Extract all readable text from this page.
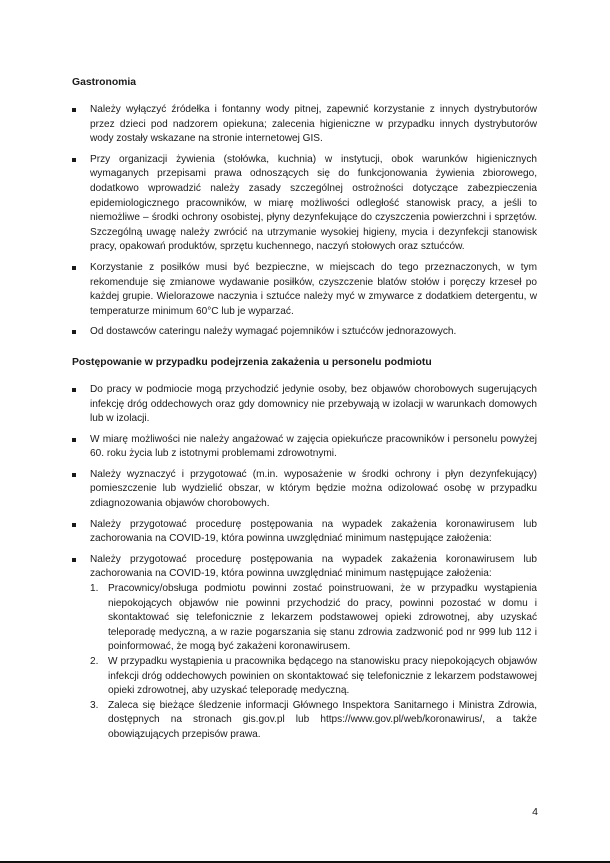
Gastronomia
Należy wyłączyć źródełka i fontanny wody pitnej, zapewnić korzystanie z innych dystrybutorów przez dzieci pod nadzorem opiekuna; zalecenia higieniczne w przypadku innych dystrybutorów wody zostały wskazane na stronie internetowej GIS.
Przy organizacji żywienia (stołówka, kuchnia) w instytucji, obok warunków higienicznych wymaganych przepisami prawa odnoszących się do funkcjonowania żywienia zbiorowego, dodatkowo wprowadzić należy zasady szczególnej ostrożności dotyczące zabezpieczenia epidemiologicznego pracowników, w miarę możliwości odległość stanowisk pracy, a jeśli to niemożliwe – środki ochrony osobistej, płyny dezynfekujące do czyszczenia powierzchni i sprzętów. Szczególną uwagę należy zwrócić na utrzymanie wysokiej higieny, mycia i dezynfekcji stanowisk pracy, opakowań produktów, sprzętu kuchennego, naczyń stołowych oraz sztućców.
Korzystanie z posiłków musi być bezpieczne, w miejscach do tego przeznaczonych, w tym rekomenduje się zmianowe wydawanie posiłków, czyszczenie blatów stołów i poręczy krzeseł po każdej grupie. Wielorazowe naczynia i sztućce należy myć w zmywarce z dodatkiem detergentu, w temperaturze minimum 60°C lub je wyparzać.
Od dostawców cateringu należy wymagać pojemników i sztućców jednorazowych.
Postępowanie w przypadku podejrzenia zakażenia u personelu podmiotu
Do pracy w podmiocie mogą przychodzić jedynie osoby, bez objawów chorobowych sugerujących infekcję dróg oddechowych oraz gdy domownicy nie przebywają w izolacji w warunkach domowych lub w izolacji.
W miarę możliwości nie należy angażować w zajęcia opiekuńcze pracowników i personelu powyżej 60. roku życia lub z istotnymi problemami zdrowotnymi.
Należy wyznaczyć i przygotować (m.in. wyposażenie w środki ochrony i płyn dezynfekujący) pomieszczenie lub wydzielić obszar, w którym będzie można odizolować osobę w przypadku zdiagnozowania objawów chorobowych.
Należy przygotować procedurę postępowania na wypadek zakażenia koronawirusem lub zachorowania na COVID-19, która powinna uwzględniać minimum następujące założenia:
Należy przygotować procedurę postępowania na wypadek zakażenia koronawirusem lub zachorowania na COVID-19, która powinna uwzględniać minimum następujące założenia:
1. Pracownicy/obsługa podmiotu powinni zostać poinstruowani, że w przypadku wystąpienia niepokojących objawów nie powinni przychodzić do pracy, powinni pozostać w domu i skontaktować się telefonicznie z lekarzem podstawowej opieki zdrowotnej, aby uzyskać teleporadę medyczną, a w razie pogarszania się stanu zdrowia zadzwonić pod nr 999 lub 112 i poinformować, że mogą być zakażeni koronawirusem.
2. W przypadku wystąpienia u pracownika będącego na stanowisku pracy niepokojących objawów infekcji dróg oddechowych powinien on skontaktować się telefonicznie z lekarzem podstawowej opieki zdrowotnej, aby uzyskać teleporadę medyczną.
3. Zaleca się bieżące śledzenie informacji Głównego Inspektora Sanitarnego i Ministra Zdrowia, dostępnych na stronach gis.gov.pl lub https://www.gov.pl/web/koronawirus/, a także obowiązujących przepisów prawa.
4
